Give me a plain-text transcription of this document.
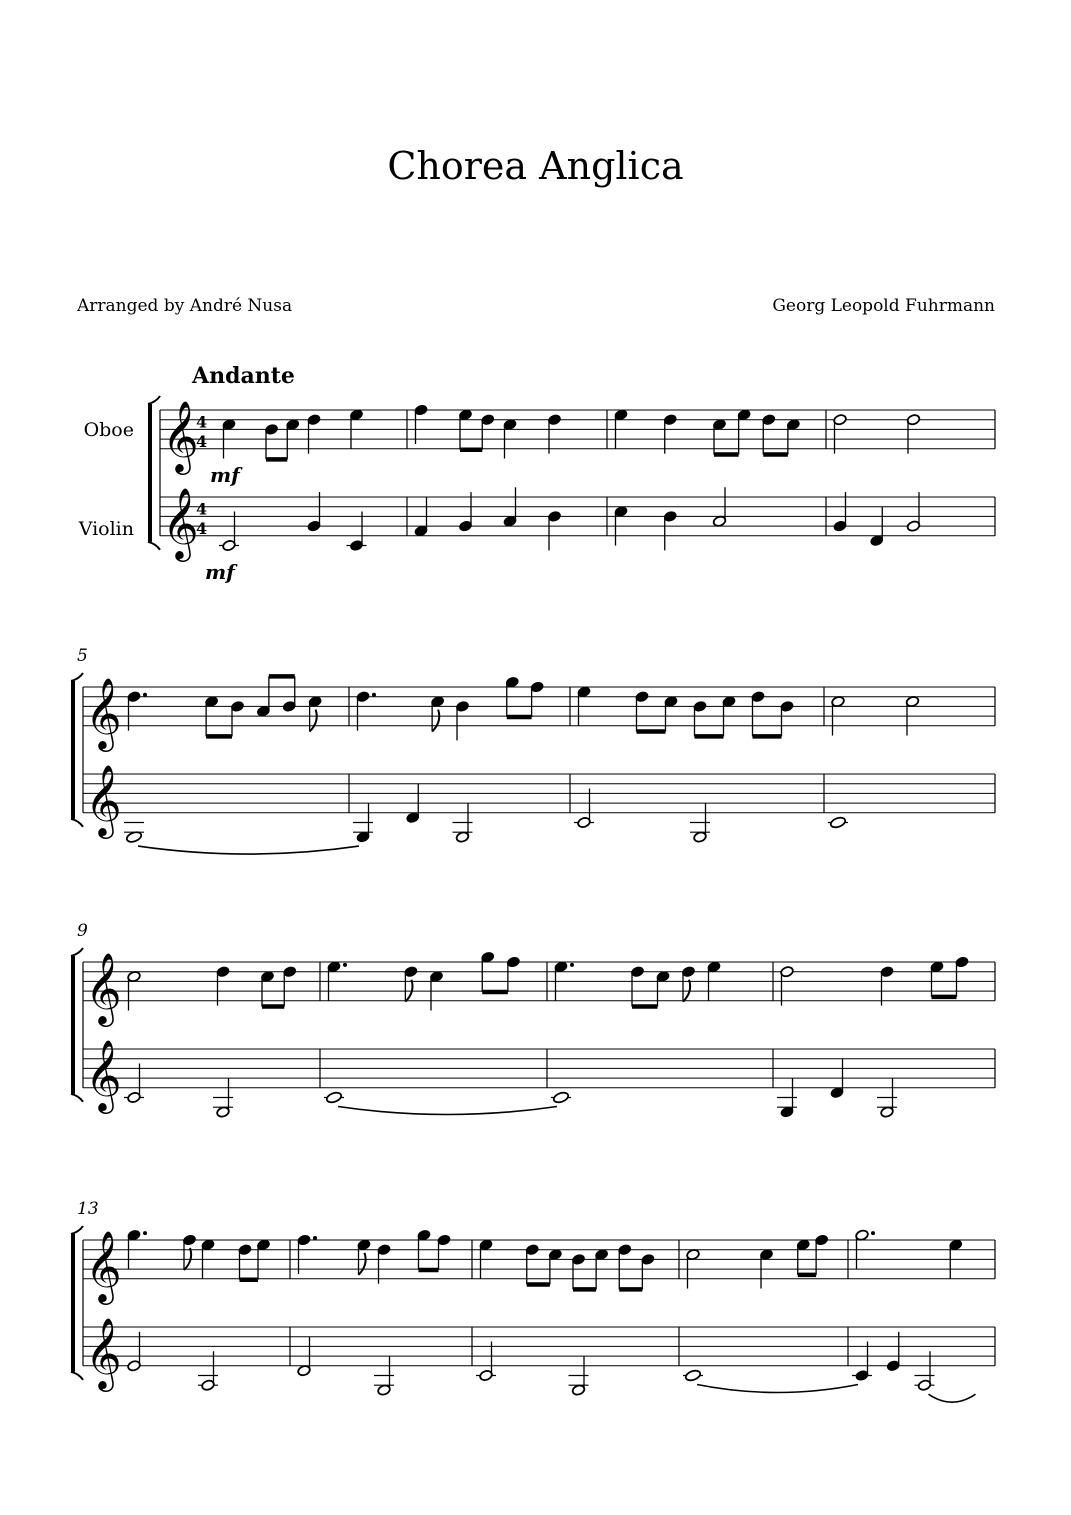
Chorea Anglica
Arranged by André Nusa	Georg Leopold Fuhrmann
𝄞
4
4
𝄞
4
4
Andante
Oboe
Violin
mf
mf
𝄞
𝄞
5
𝄞
𝄞
9
𝄞
𝄞
13
